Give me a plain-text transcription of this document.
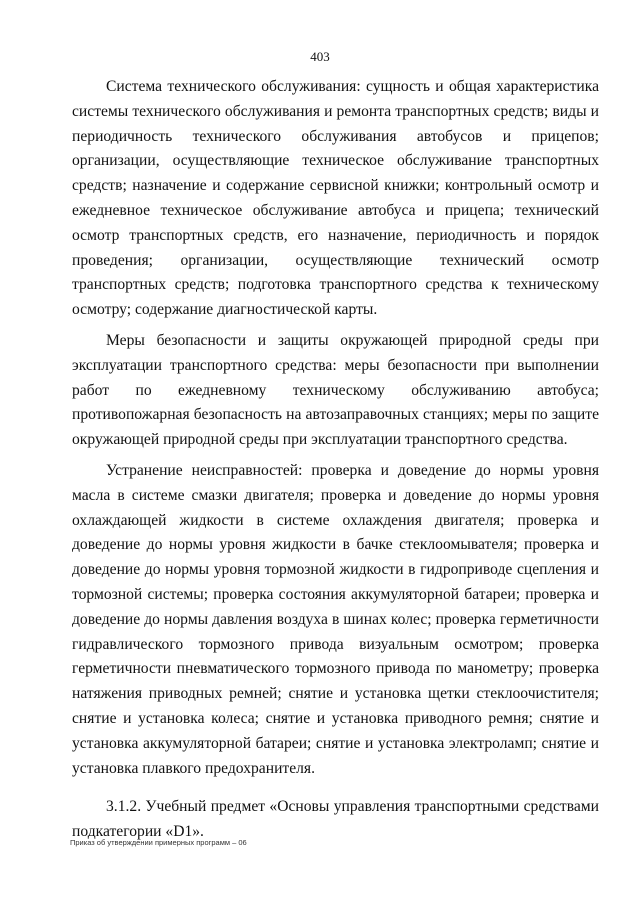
403

Система технического обслуживания: сущность и общая характеристика системы технического обслуживания и ремонта транспортных средств; виды и периодичность технического обслуживания автобусов и прицепов; организации, осуществляющие техническое обслуживание транспортных средств; назначение и содержание сервисной книжки; контрольный осмотр и ежедневное техническое обслуживание автобуса и прицепа; технический осмотр транспортных средств, его назначение, периодичность и порядок проведения; организации, осуществляющие технический осмотр транспортных средств; подготовка транспортного средства к техническому осмотру; содержание диагностической карты.

Меры безопасности и защиты окружающей природной среды при эксплуатации транспортного средства: меры безопасности при выполнении работ по ежедневному техническому обслуживанию автобуса; противопожарная безопасность на автозаправочных станциях; меры по защите окружающей природной среды при эксплуатации транспортного средства.

Устранение неисправностей: проверка и доведение до нормы уровня масла в системе смазки двигателя; проверка и доведение до нормы уровня охлаждающей жидкости в системе охлаждения двигателя; проверка и доведение до нормы уровня жидкости в бачке стеклоомывателя; проверка и доведение до нормы уровня тормозной жидкости в гидроприводе сцепления и тормозной системы; проверка состояния аккумуляторной батареи; проверка и доведение до нормы давления воздуха в шинах колес; проверка герметичности гидравлического тормозного привода визуальным осмотром; проверка герметичности пневматического тормозного привода по манометру; проверка натяжения приводных ремней; снятие и установка щетки стеклоочистителя; снятие и установка колеса; снятие и установка приводного ремня; снятие и установка аккумуляторной батареи; снятие и установка электроламп; снятие и установка плавкого предохранителя.

3.1.2. Учебный предмет «Основы управления транспортными средствами подкатегории «D1».

Приказ об утверждении примерных программ – 06
